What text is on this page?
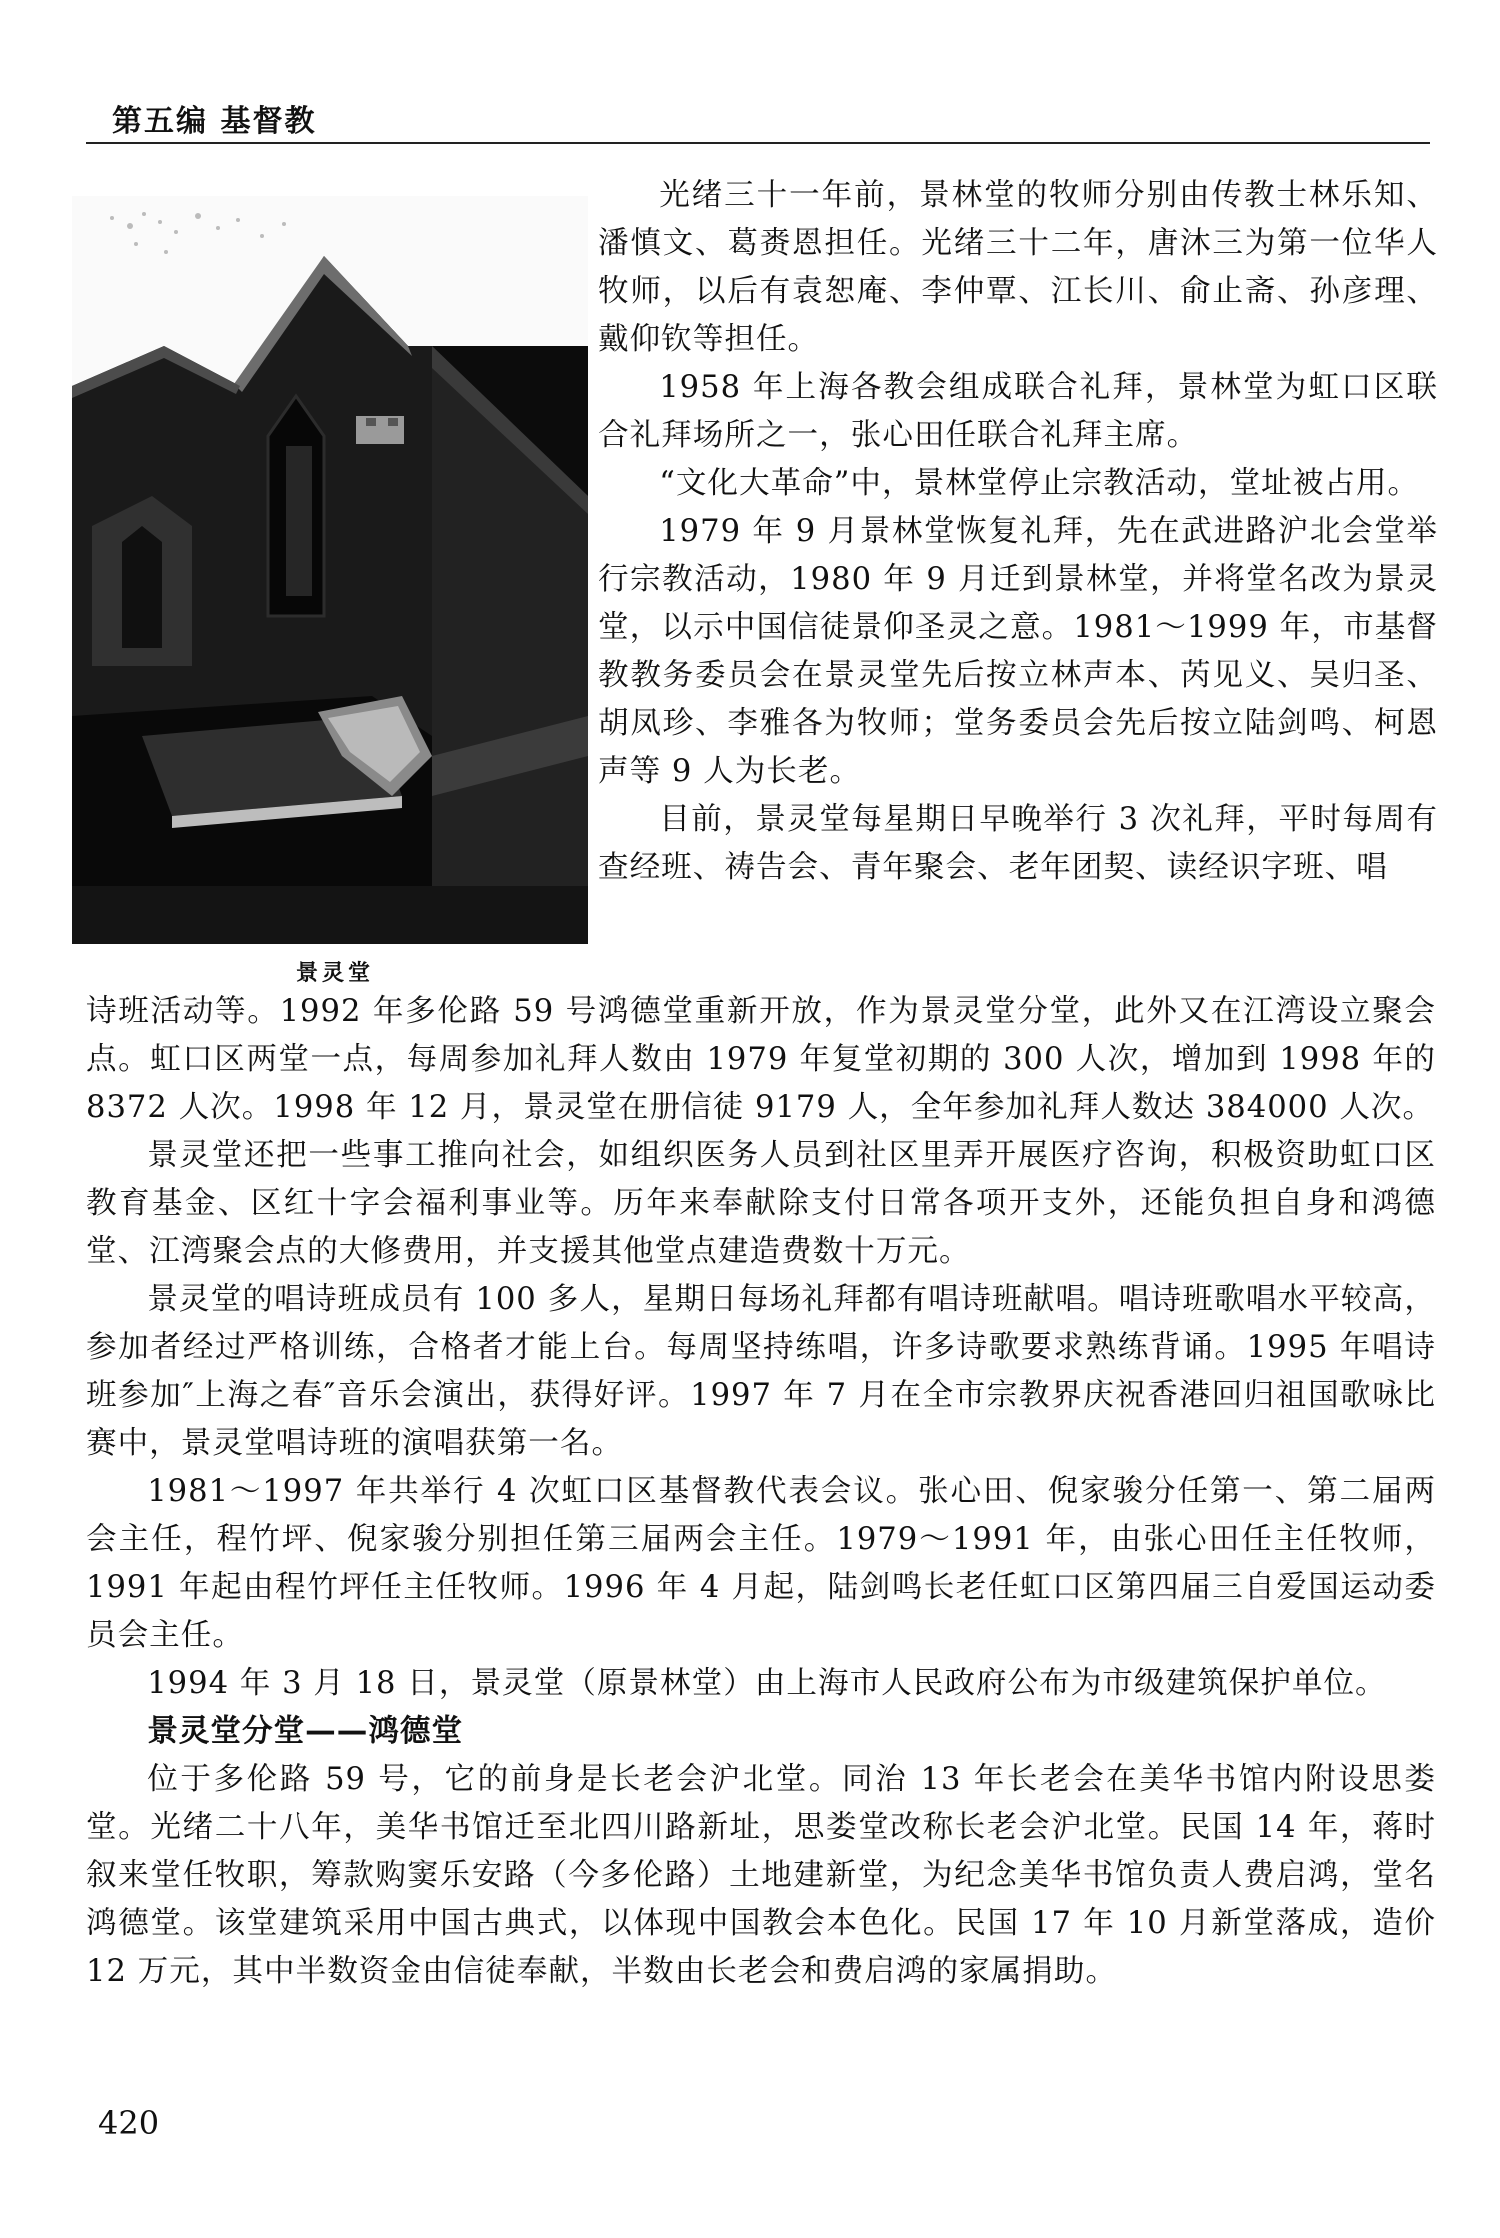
第五编 基督教
景灵堂

光绪三十一年前，景林堂的牧师分别由传教士林乐知、潘慎文、葛赉恩担任。光绪三十二年，唐沐三为第一位华人牧师，以后有袁恕庵、李仲覃、江长川、俞止斋、孙彦理、戴仰钦等担任。

1958 年上海各教会组成联合礼拜，景林堂为虹口区联合礼拜场所之一，张心田任联合礼拜主席。

“文化大革命”中，景林堂停止宗教活动，堂址被占用。

1979 年 9 月景林堂恢复礼拜，先在武进路沪北会堂举行宗教活动，1980 年 9 月迁到景林堂，并将堂名改为景灵堂，以示中国信徒景仰圣灵之意。1981～1999 年，市基督教教务委员会在景灵堂先后按立林声本、芮见义、吴归圣、胡凤珍、李雅各为牧师；堂务委员会先后按立陆剑鸣、柯恩声等 9 人为长老。

目前，景灵堂每星期日早晚举行 3 次礼拜，平时每周有查经班、祷告会、青年聚会、老年团契、读经识字班、唱

诗班活动等。1992 年多伦路 59 号鸿德堂重新开放，作为景灵堂分堂，此外又在江湾设立聚会点。虹口区两堂一点，每周参加礼拜人数由 1979 年复堂初期的 300 人次，增加到 1998 年的 8372 人次。1998 年 12 月，景灵堂在册信徒 9179 人，全年参加礼拜人数达 384000 人次。

景灵堂还把一些事工推向社会，如组织医务人员到社区里弄开展医疗咨询，积极资助虹口区教育基金、区红十字会福利事业等。历年来奉献除支付日常各项开支外，还能负担自身和鸿德堂、江湾聚会点的大修费用，并支援其他堂点建造费数十万元。

景灵堂的唱诗班成员有 100 多人，星期日每场礼拜都有唱诗班献唱。唱诗班歌唱水平较高，参加者经过严格训练，合格者才能上台。每周坚持练唱，许多诗歌要求熟练背诵。1995 年唱诗班参加″上海之春″音乐会演出，获得好评。1997 年 7 月在全市宗教界庆祝香港回归祖国歌咏比赛中，景灵堂唱诗班的演唱获第一名。

1981～1997 年共举行 4 次虹口区基督教代表会议。张心田、倪家骏分任第一、第二届两会主任，程竹坪、倪家骏分别担任第三届两会主任。1979～1991 年，由张心田任主任牧师，1991 年起由程竹坪任主任牧师。1996 年 4 月起，陆剑鸣长老任虹口区第四届三自爱国运动委员会主任。

1994 年 3 月 18 日，景灵堂（原景林堂）由上海市人民政府公布为市级建筑保护单位。

景灵堂分堂——鸿德堂

位于多伦路 59 号，它的前身是长老会沪北堂。同治 13 年长老会在美华书馆内附设思娄堂。光绪二十八年，美华书馆迁至北四川路新址，思娄堂改称长老会沪北堂。民国 14 年，蒋时叙来堂任牧职，筹款购窦乐安路（今多伦路）土地建新堂，为纪念美华书馆负责人费启鸿，堂名鸿德堂。该堂建筑采用中国古典式，以体现中国教会本色化。民国 17 年 10 月新堂落成，造价 12 万元，其中半数资金由信徒奉献，半数由长老会和费启鸿的家属捐助。

420
